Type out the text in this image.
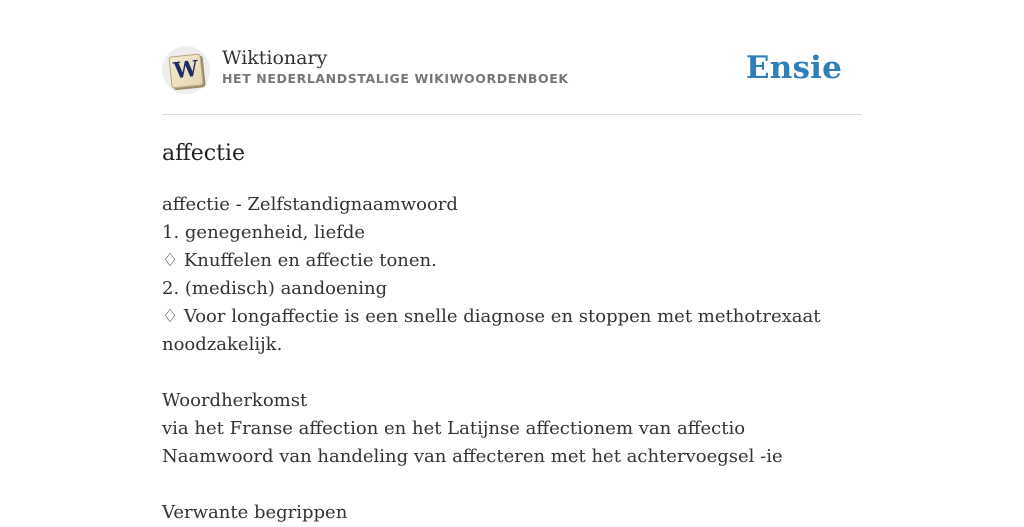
W Wiktionary
HET NEDERLANDSTALIGE WIKIWOORDENBOEK	Ensie
affectie
affectie - Zelfstandignaamwoord
1. genegenheid, liefde
♢ Knuffelen en affectie tonen.
2. (medisch) aandoening
♢ Voor longaffectie is een snelle diagnose en stoppen met methotrexaat noodzakelijk.
Woordherkomst
via het Franse affection en het Latijnse affectionem van affectio
Naamwoord van handeling van affecteren met het achtervoegsel -ie
Verwante begrippen
